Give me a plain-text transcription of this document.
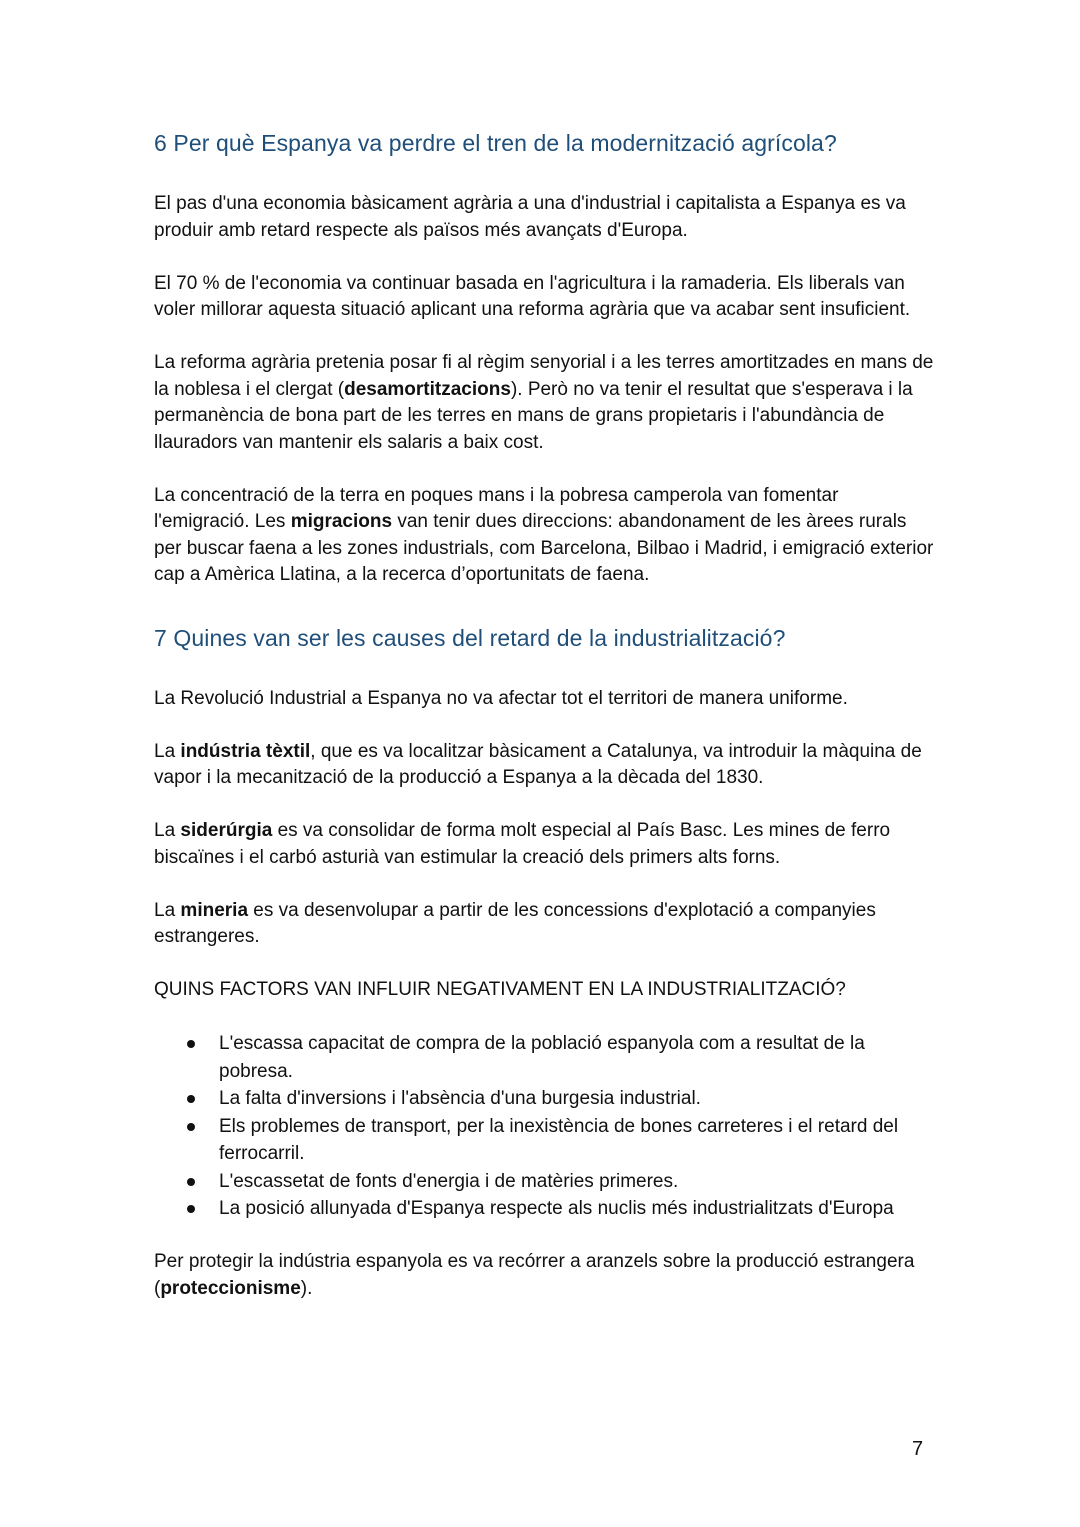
6 Per què Espanya va perdre el tren de la modernització agrícola?

El pas d'una economia bàsicament agrària a una d'industrial i capitalista a Espanya es va produir amb retard respecte als països més avançats d'Europa.

El 70 % de l'economia va continuar basada en l'agricultura i la ramaderia. Els liberals van voler millorar aquesta situació aplicant una reforma agrària que va acabar sent insuficient.

La reforma agrària pretenia posar fi al règim senyorial i a les terres amortitzades en mans de la noblesa i el clergat (desamortitzacions). Però no va tenir el resultat que s'esperava i la permanència de bona part de les terres en mans de grans propietaris i l'abundància de llauradors van mantenir els salaris a baix cost.

La concentració de la terra en poques mans i la pobresa camperola van fomentar l'emigració. Les migracions van tenir dues direccions: abandonament de les àrees rurals per buscar faena a les zones industrials, com Barcelona, Bilbao i Madrid, i emigració exterior cap a Amèrica Llatina, a la recerca d’oportunitats de faena.

7 Quines van ser les causes del retard de la industrialització?

La Revolució Industrial a Espanya no va afectar tot el territori de manera uniforme.

La indústria tèxtil, que es va localitzar bàsicament a Catalunya, va introduir la màquina de vapor i la mecanització de la producció a Espanya a la dècada del 1830.

La siderúrgia es va consolidar de forma molt especial al País Basc. Les mines de ferro biscaïnes i el carbó asturià van estimular la creació dels primers alts forns.

La mineria es va desenvolupar a partir de les concessions d'explotació a companyies estrangeres.

QUINS FACTORS VAN INFLUIR NEGATIVAMENT EN LA INDUSTRIALITZACIÓ?

L'escassa capacitat de compra de la població espanyola com a resultat de la pobresa.
La falta d'inversions i l'absència d'una burgesia industrial.
Els problemes de transport, per la inexistència de bones carreteres i el retard del ferrocarril.
L'escassetat de fonts d'energia i de matèries primeres.
La posició allunyada d'Espanya respecte als nuclis més industrialitzats d'Europa

Per protegir la indústria espanyola es va recórrer a aranzels sobre la producció estrangera (proteccionisme).

7
